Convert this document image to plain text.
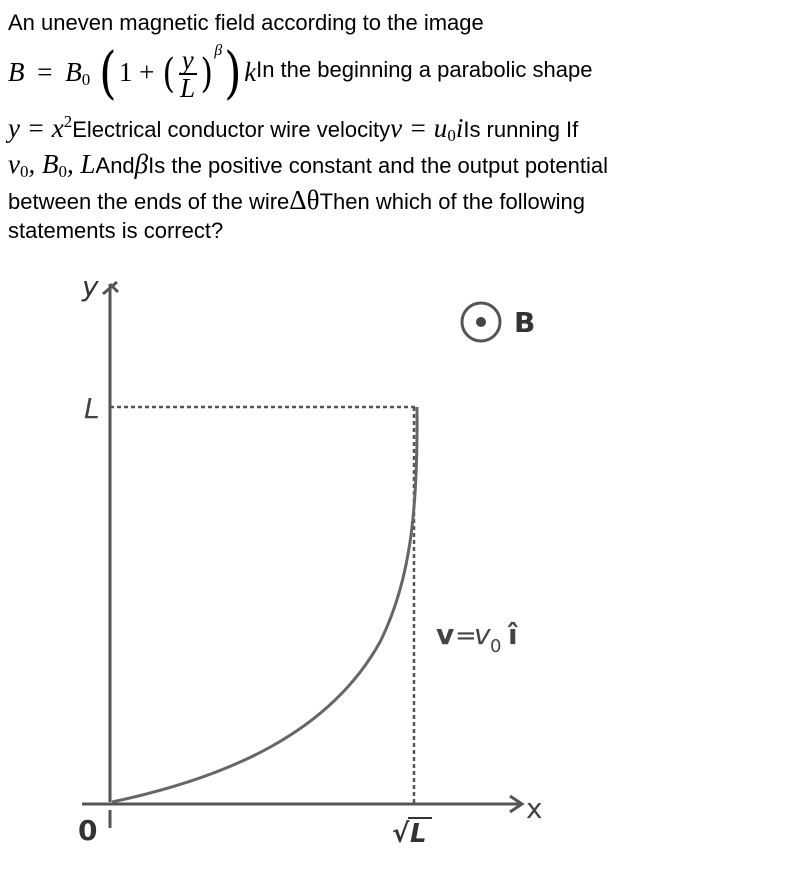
An uneven magnetic field according to the image
$B = B_0$ (1 + ( $\frac{y}{L} )^\beta)k$ In the beginning a parabolic shape
$y = x^2Electrical$ conductor wire velocityv = $u_0iIs$ running If
$v_0$, $B_0$, LAndβIs the positive constant and the output potential
between the ends of the wireΔθThen which of the following
statements is correct?
y
x
L
0	√ L
B
v =
v 0 î
